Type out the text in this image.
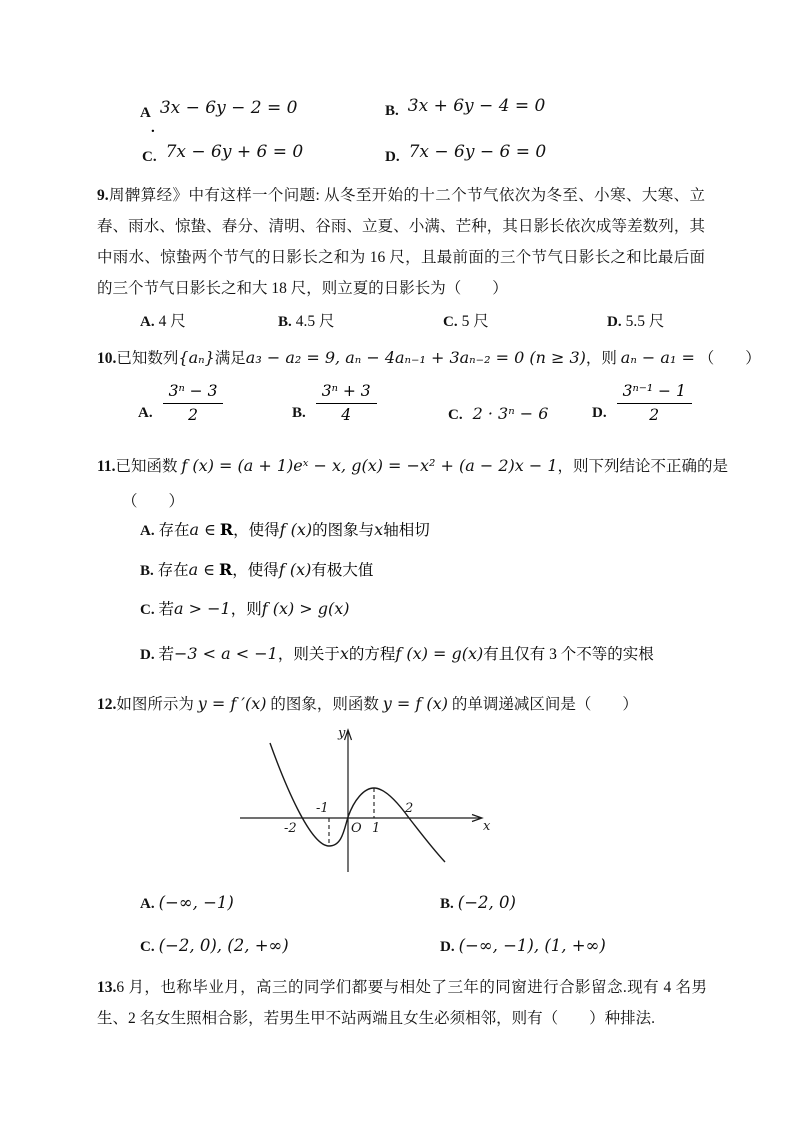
A 3x − 6y − 2 = 0
.
B. 3x + 6y − 4 = 0
C. 7x − 6y + 6 = 0	D. 7x − 6y − 6 = 0
9.周髀算经》中有这样一个问题: 从冬至开始的十二个节气依次为冬至、小寒、大寒、立春、雨水、惊蛰、春分、清明、谷雨、立夏、小满、芒种，其日影长依次成等差数列，其中雨水、惊蛰两个节气的日影长之和为 16 尺，且最前面的三个节气日影长之和比最后面的三个节气日影长之和大 18 尺，则立夏的日影长为（　　）
A. 4 尺	B. 4.5 尺	C. 5 尺	D. 5.5 尺
10.已知数列{aₙ}满足a₃ − a₂ = 9, aₙ − 4aₙ₋₁ + 3aₙ₋₂ = 0 (n ≥ 3)，则 aₙ − a₁ = （　　）
A. $\frac{\text{3ⁿ − 3}}{2}$	B. $\frac{\text{3ⁿ + 3}}{4}$	C. 2 · 3ⁿ − 6	D. $\frac{\text{3ⁿ⁻¹ − 1}}{2}$
11.已知函数 f (x) = (a + 1)eˣ − x, g(x) = −x² + (a − 2)x − 1，则下列结论不正确的是
（　　）
A. 存在a ∈ R，使得f (x)的图象与x轴相切
B. 存在a ∈ R，使得f (x)有极大值
C. 若a > −1，则f (x) > g(x)
D. 若−3 < a < −1，则关于x的方程f (x) = g(x)有且仅有 3 个不等的实根
12.如图所示为 y = f ′(x) 的图象，则函数 y = f (x) 的单调递减区间是（　　）
y
x
O
-2
-1
1
2
A. (−∞, −1)	B. (−2, 0)
C. (−2, 0), (2, +∞)	D. (−∞, −1), (1, +∞)
13.6 月，也称毕业月，高三的同学们都要与相处了三年的同窗进行合影留念.现有 4 名男生、2 名女生照相合影，若男生甲不站两端且女生必须相邻，则有（　　）种排法.
